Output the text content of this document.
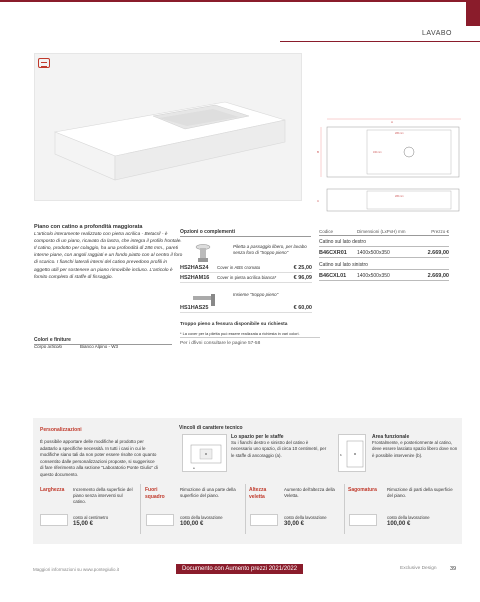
LAVABO
A
B
286 mm
160 mm
C
286 mm
Piano con catino a profondità maggiorata
L'articolo interamente realizzato con pietra acrilica - Betacril - è composto di un piano, ricavato da lastra, che integra il profilo frontale. Il catino, prodotto per colaggio, ha una profondità di 286 mm., pareti interne piane, con angoli raggiati e un fondo piatto con al centro il foro di scarico. I fianchi laterali interni del catino prevedono profili in aggetto utili per sostenere un piano rimovibile incluso. L'articolo è fornito completo di staffe di fissaggio.
Colori e finiture
Corpo articolo	Bianco Alpino - W3
Opzioni o complementi
Piletta a passaggio libero, per lavabo senza foro di "troppo pieno"
HS2HAS24	Cover in ABS cromato	€ 25,00
HS2HAM16	Cover in pietra acrilica bianca*	€ 96,09
Insieme "troppo pieno"
HS1HAS25	€ 60,00
Troppo pieno a fessura disponibile su richiesta
* La cover per la piletta può essere realizzata a richiesta in vari colori.
Per i dfivni consultare le pagine 57-58
Codice	Dimensioni (LxPxH) mm	Prezzo €
Catino sul lato destro
B46CXR01	1400x500x350	2.669,00
Catino sul lato sinistro
B46CXL01	1400x500x350	2.669,00
Personalizzazioni
È possibile apportare delle modifiche al prodotto per adattarlo a specifiche necessità. In tutti i casi in cui le modifiche siano tali da non poter essere risolte con quanto consentito dalle personalizzazioni proposte, si suggerisce di fare riferimento alla sezione "Laboratorio Ponte Giulio" di questo documento.
Vincoli di carattere tecnico
a
Lo spazio per le staffe
Su i fianchi destro e sinistro del catino è necessario uno spazio, di circa 10 centimetri, per le staffe di ancoraggio (a).	b
Area funzionale
Frontalmente, e posteriormente al catino, deve essere lasciato spazio libero dove non è possibile intervenire (b).
Larghezza	Incremento della superficie del piano senza interventi sul catino.
costo al centimetro
15,00 €
Fuori squadro
Rimozione di una parte della superficie del piano.
costo della lavorazione
100,00 €
Altezza veletta
Aumento dell'altezza della Veletta.
costo della lavorazione
30,00 €
Sagomatura	Rimozione di parti della superficie del piano.
costo della lavorazione
100,00 €
Maggiori informazioni su www.pontegiulio.it	Documento con Aumento prezzi 2021/2022	Exclusive Design 39
